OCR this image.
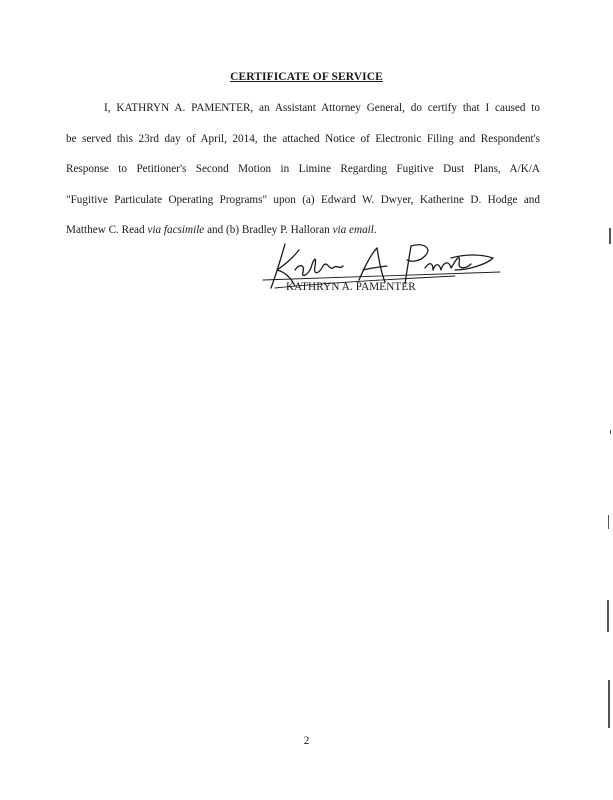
CERTIFICATE OF SERVICE
I, KATHRYN A. PAMENTER, an Assistant Attorney General, do certify that I caused to
be served this 23rd day of April, 2014, the attached Notice of Electronic Filing and Respondent's
Response to Petitioner's Second Motion in Limine Regarding Fugitive Dust Plans, A/K/A
"Fugitive Particulate Operating Programs" upon (a) Edward W. Dwyer, Katherine D. Hodge and
Matthew C. Read via facsimile and (b) Bradley P. Halloran via email.
KATHRYN A. PAMENTER
2
